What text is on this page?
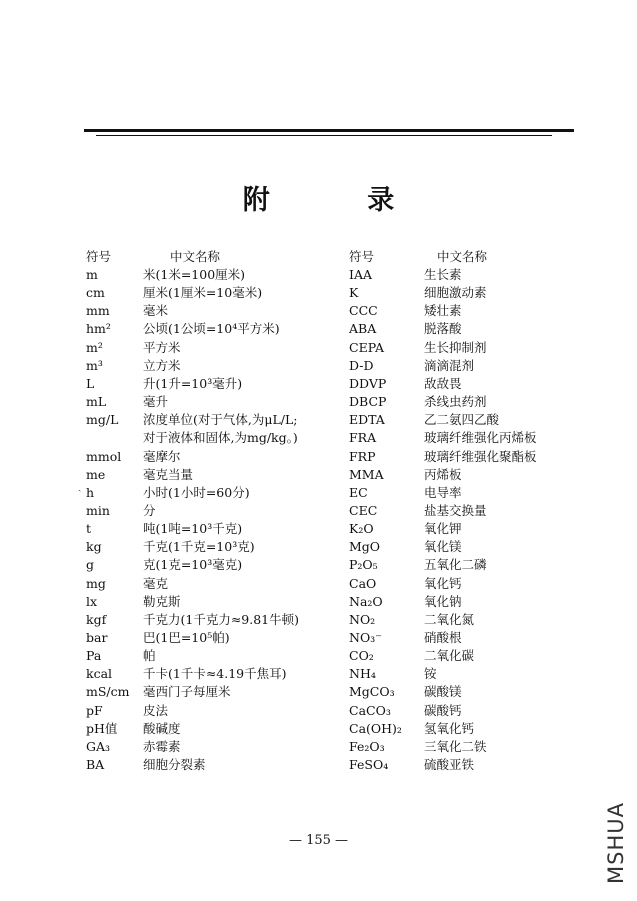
附 录
符号	中文名称	符号	中文名称
m	米(1米=100厘米)	IAA	生长素
cm	厘米(1厘米=10毫米)	K	细胞激动素
mm	毫米	CCC	矮壮素
hm²	公顷(1公顷=10⁴平方米)	ABA	脱落酸
m²	平方米	CEPA	生长抑制剂
m³	立方米	D-D	滴滴混剂
L	升(1升=10³毫升)	DDVP	敌敌畏
mL	毫升	DBCP	杀线虫药剂
mg/L 浓度单位(对于气体,为μL/L;	EDTA	乙二氨四乙酸
对于液体和固体,为mg/kg。)	FRA	玻璃纤维强化丙烯板
mmol 毫摩尔	FRP	玻璃纤维强化聚酯板
me	毫克当量	MMA	丙烯板
h	小时(1小时=60分)	EC	电导率
min	分	CEC	盐基交换量
t	吨(1吨=10³千克)	K₂O	氧化钾
kg	千克(1千克=10³克)	MgO	氧化镁
g	克(1克=10³毫克)	P₂O₅	五氧化二磷
mg	毫克	CaO	氧化钙
lx	勒克斯	Na₂O	氧化钠
kgf	千克力(1千克力≈9.81牛顿)	NO₂	二氧化氮
bar	巴(1巴=10⁵帕)	NO₃⁻	硝酸根
Pa	帕	CO₂	二氧化碳
kcal 千卡(1千卡≈4.19千焦耳)	NH₄	铵
mS/cm 毫西门子每厘米	MgCO₃ 碳酸镁
pF	皮法	CaCO₃	碳酸钙
pH值 酸碱度	Ca(OH)₂ 氢氧化钙
GA₃	赤霉素	Fe₂O₃	三氧化二铁
BA	细胞分裂素	FeSO₄	硫酸亚铁
ˏ
— 155 —	MSHUA
